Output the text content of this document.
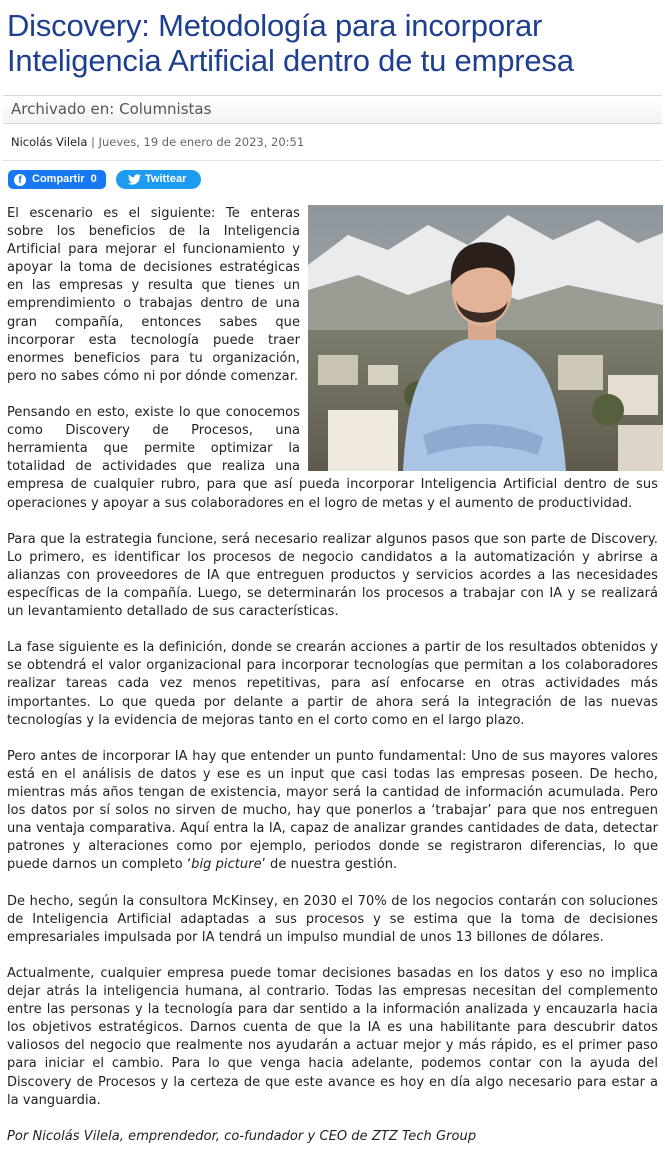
Discovery: Metodología para incorporar Inteligencia Artificial dentro de tu empresa
Archivado en: Columnistas
Nicolás Vilela | Jueves, 19 de enero de 2023, 20:51
f Compartir 0	Twittear

El escenario es el siguiente: Te enteras sobre los beneficios de la Inteligencia Artificial para mejorar el funcionamiento y apoyar la toma de decisiones estratégicas en las empresas y resulta que tienes un emprendimiento o trabajas dentro de una gran compañía, entonces sabes que incorporar esta tecnología puede traer enormes beneficios para tu organización, pero no sabes cómo ni por dónde comenzar.

Pensando en esto, existe lo que conocemos como Discovery de Procesos, una herramienta que permite optimizar la totalidad de actividades que realiza una empresa de cualquier rubro, para que así pueda incorporar Inteligencia Artificial dentro de sus operaciones y apoyar a sus colaboradores en el logro de metas y el aumento de productividad.

Para que la estrategia funcione, será necesario realizar algunos pasos que son parte de Discovery. Lo primero, es identificar los procesos de negocio candidatos a la automatización y abrirse a alianzas con proveedores de IA que entreguen productos y servicios acordes a las necesidades específicas de la compañía. Luego, se determinarán los procesos a trabajar con IA y se realizará un levantamiento detallado de sus características.

La fase siguiente es la definición, donde se crearán acciones a partir de los resultados obtenidos y se obtendrá el valor organizacional para incorporar tecnologías que permitan a los colaboradores realizar tareas cada vez menos repetitivas, para así enfocarse en otras actividades más importantes. Lo que queda por delante a partir de ahora será la integración de las nuevas tecnologías y la evidencia de mejoras tanto en el corto como en el largo plazo.

Pero antes de incorporar IA hay que entender un punto fundamental: Uno de sus mayores valores está en el análisis de datos y ese es un input que casi todas las empresas poseen. De hecho, mientras más años tengan de existencia, mayor será la cantidad de información acumulada. Pero los datos por sí solos no sirven de mucho, hay que ponerlos a ‘trabajar’ para que nos entreguen una ventaja comparativa. Aquí entra la IA, capaz de analizar grandes cantidades de data, detectar patrones y alteraciones como por ejemplo, periodos donde se registraron diferencias, lo que puede darnos un completo ‘big picture’ de nuestra gestión.

De hecho, según la consultora McKinsey, en 2030 el 70% de los negocios contarán con soluciones de Inteligencia Artificial adaptadas a sus procesos y se estima que la toma de decisiones empresariales impulsada por IA tendrá un impulso mundial de unos 13 billones de dólares.

Actualmente, cualquier empresa puede tomar decisiones basadas en los datos y eso no implica dejar atrás la inteligencia humana, al contrario. Todas las empresas necesitan del complemento entre las personas y la tecnología para dar sentido a la información analizada y encauzarla hacia los objetivos estratégicos. Darnos cuenta de que la IA es una habilitante para descubrir datos valiosos del negocio que realmente nos ayudarán a actuar mejor y más rápido, es el primer paso para iniciar el cambio. Para lo que venga hacia adelante, podemos contar con la ayuda del Discovery de Procesos y la certeza de que este avance es hoy en día algo necesario para estar a la vanguardia.

Por Nicolás Vilela, emprendedor, co-fundador y CEO de ZTZ Tech Group
